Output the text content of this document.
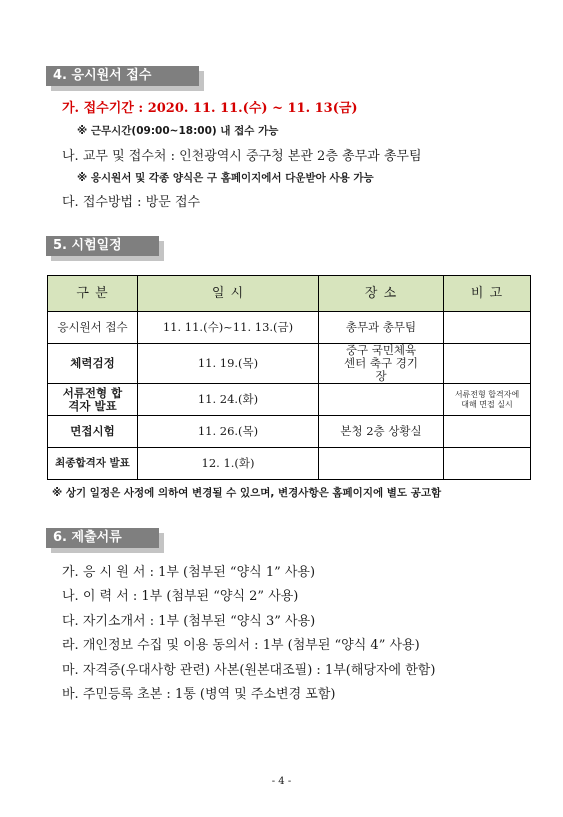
4. 응시원서 접수
가. 접수기간 : 2020. 11. 11.(수) ~ 11. 13(금)
※ 근무시간(09:00~18:00) 내 접수 가능
나. 교무 및 접수처 : 인천광역시 중구청 본관 2층 총무과 총무팀
※ 응시원서 및 각종 양식은 구 홈페이지에서 다운받아 사용 가능
다. 접수방법 : 방문 접수
5. 시험일정
구 분	일 시	장 소	비 고
응시원서 접수	11. 11.(수)~11. 13.(금)	총무과 총무팀	
체력검정	11. 19.(목)	중구 국민체육센터 축구 경기장	
서류전형 합격자 발표	11. 24.(화)		서류전형 합격자에 대해 면접 실시
면접시험	11. 26.(목)	본청 2층 상황실	
최종합격자 발표	12. 1.(화)		
※ 상기 일정은 사정에 의하여 변경될 수 있으며, 변경사항은 홈페이지에 별도 공고함
6. 제출서류
가. 응 시 원 서 : 1부 (첨부된 “양식 1” 사용)
나. 이 력 서 : 1부 (첨부된 “양식 2” 사용)
다. 자기소개서 : 1부 (첨부된 “양식 3” 사용)
라. 개인정보 수집 및 이용 동의서 : 1부 (첨부된 “양식 4” 사용)
마. 자격증(우대사항 관련) 사본(원본대조필) : 1부(해당자에 한함)
바. 주민등록 초본 : 1통 (병역 및 주소변경 포함)
- 4 -
